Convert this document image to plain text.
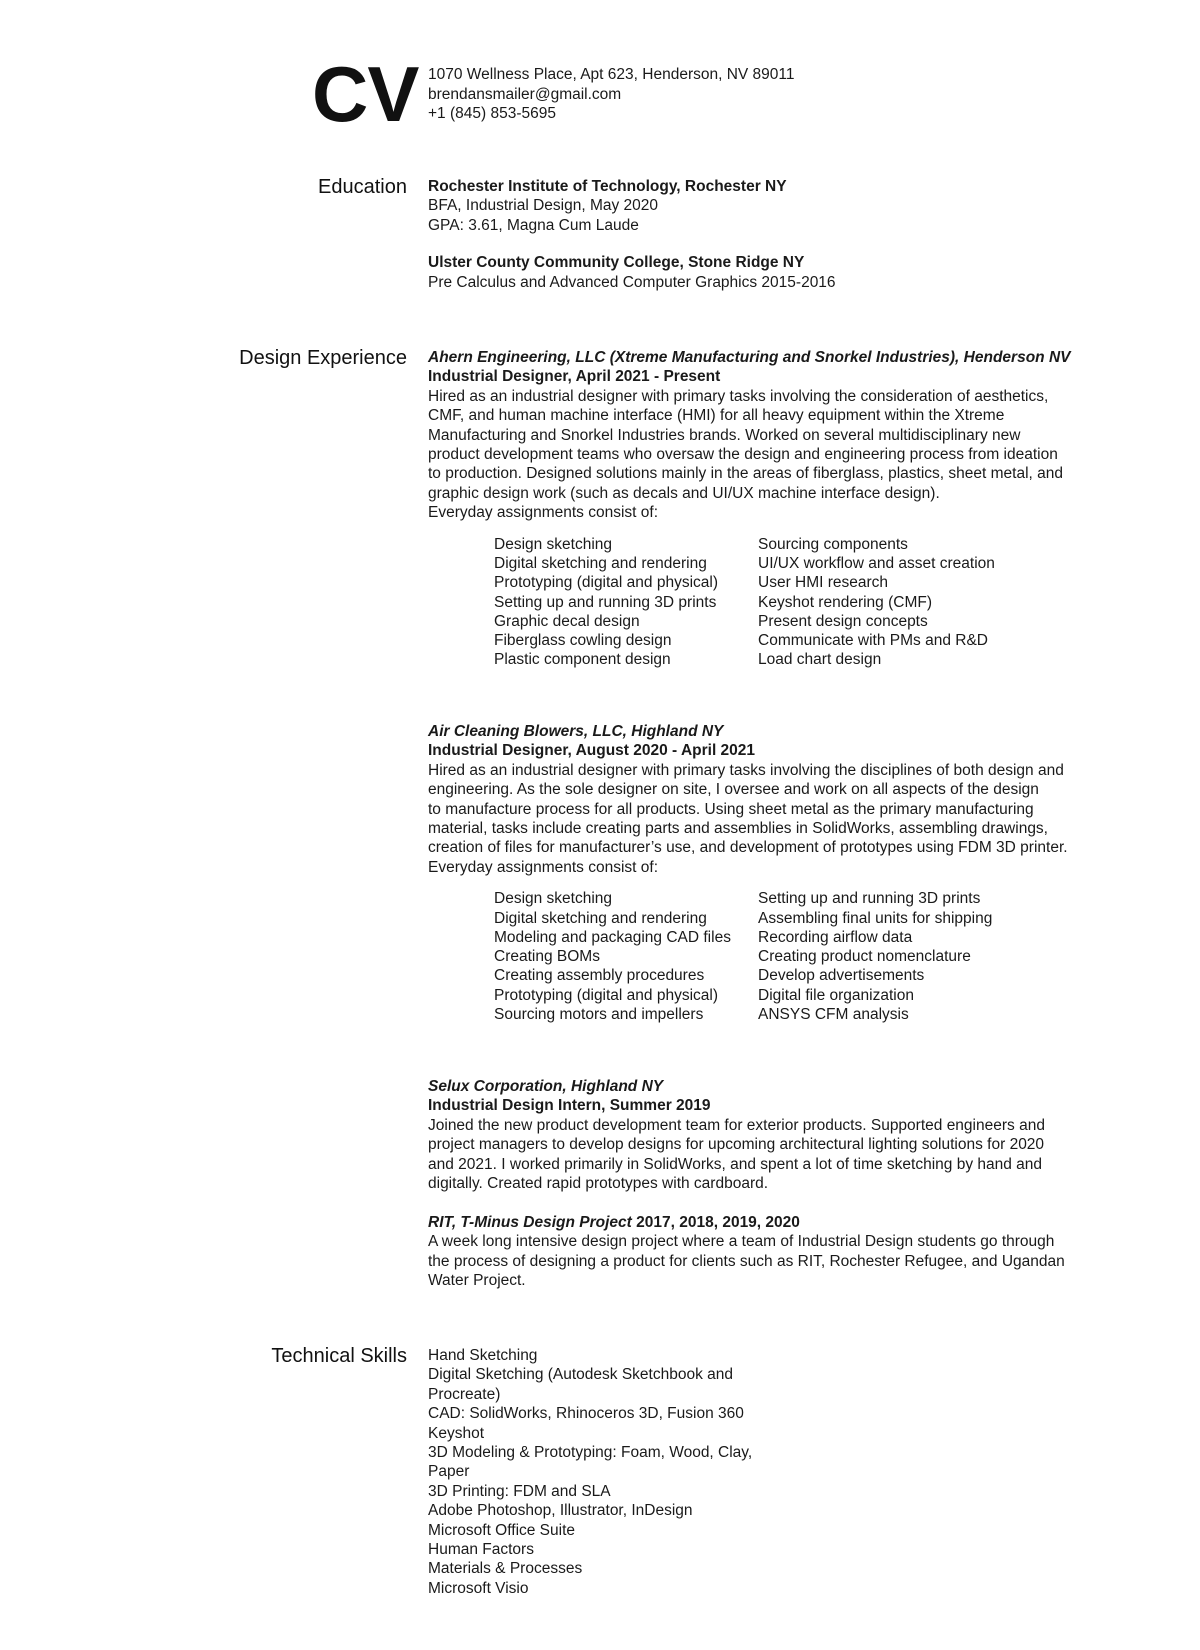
CV 1070 Wellness Place, Apt 623, Henderson, NV 89011
brendansmailer@gmail.com
+1 (845) 853-5695
Education Rochester Institute of Technology, Rochester NY
BFA, Industrial Design, May 2020
GPA: 3.61, Magna Cum Laude
Ulster County Community College, Stone Ridge NY
Pre Calculus and Advanced Computer Graphics 2015-2016
Design Experience Ahern Engineering, LLC (Xtreme Manufacturing and Snorkel Industries), Henderson NV
Industrial Designer, April 2021 - Present
Hired as an industrial designer with primary tasks involving the consideration of aesthetics,
CMF, and human machine interface (HMI) for all heavy equipment within the Xtreme
Manufacturing and Snorkel Industries brands. Worked on several multidisciplinary new
product development teams who oversaw the design and engineering process from ideation
to production. Designed solutions mainly in the areas of fiberglass, plastics, sheet metal, and
graphic design work (such as decals and UI/UX machine interface design).
Everyday assignments consist of:
Design sketching
Digital sketching and rendering
Prototyping (digital and physical)
Setting up and running 3D prints
Graphic decal design
Fiberglass cowling design
Plastic component design
Sourcing components
UI/UX workflow and asset creation
User HMI research
Keyshot rendering (CMF)
Present design concepts
Communicate with PMs and R&D
Load chart design
Air Cleaning Blowers, LLC, Highland NY
Industrial Designer, August 2020 - April 2021
Hired as an industrial designer with primary tasks involving the disciplines of both design and
engineering. As the sole designer on site, I oversee and work on all aspects of the design
to manufacture process for all products. Using sheet metal as the primary manufacturing
material, tasks include creating parts and assemblies in SolidWorks, assembling drawings,
creation of files for manufacturer’s use, and development of prototypes using FDM 3D printer.
Everyday assignments consist of:
Design sketching
Digital sketching and rendering
Modeling and packaging CAD files
Creating BOMs
Creating assembly procedures
Prototyping (digital and physical)
Sourcing motors and impellers
Setting up and running 3D prints
Assembling final units for shipping
Recording airflow data
Creating product nomenclature
Develop advertisements
Digital file organization
ANSYS CFM analysis
Selux Corporation, Highland NY
Industrial Design Intern, Summer 2019
Joined the new product development team for exterior products. Supported engineers and
project managers to develop designs for upcoming architectural lighting solutions for 2020
and 2021. I worked primarily in SolidWorks, and spent a lot of time sketching by hand and
digitally. Created rapid prototypes with cardboard.
RIT, T-Minus Design Project 2017, 2018, 2019, 2020
A week long intensive design project where a team of Industrial Design students go through
the process of designing a product for clients such as RIT, Rochester Refugee, and Ugandan
Water Project.
Technical Skills Hand Sketching
Digital Sketching (Autodesk Sketchbook and
Procreate)
CAD: SolidWorks, Rhinoceros 3D, Fusion 360
Keyshot
3D Modeling & Prototyping: Foam, Wood, Clay,
Paper
3D Printing: FDM and SLA
Adobe Photoshop, Illustrator, InDesign
Microsoft Office Suite
Human Factors
Materials & Processes
Microsoft Visio
